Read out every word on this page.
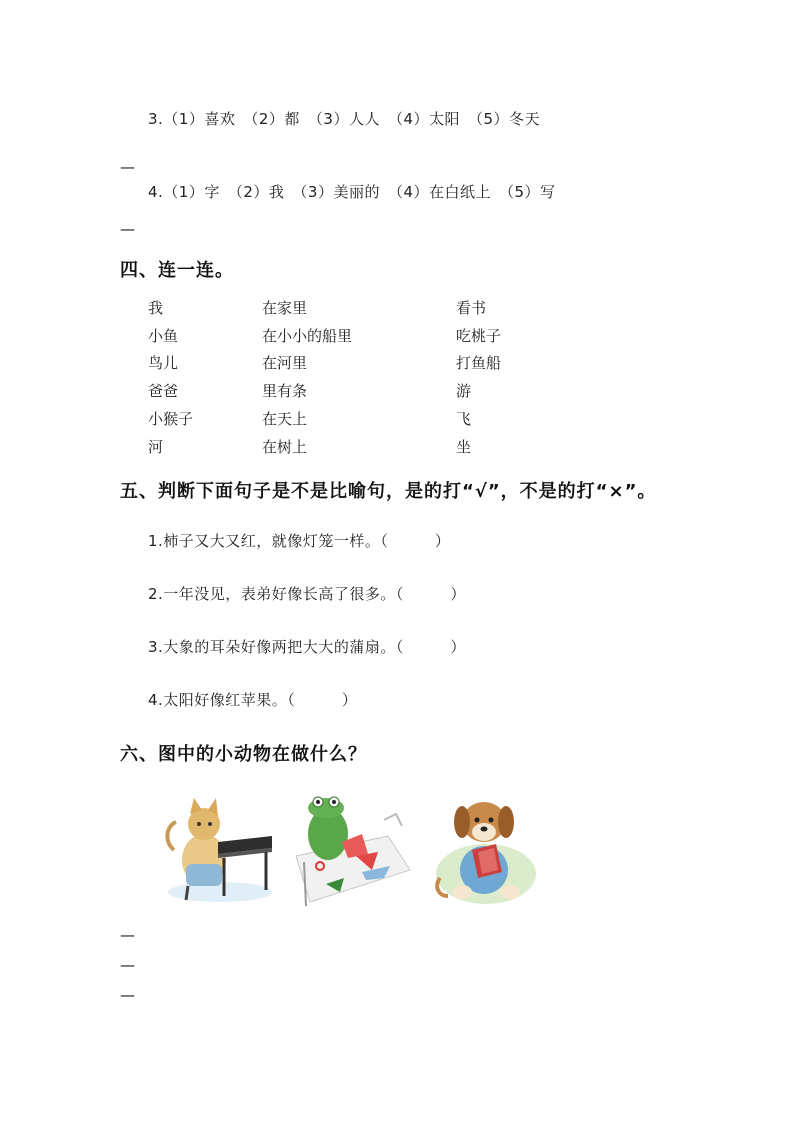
3.（1）喜欢　（2）都　（3）人人　（4）太阳　（5）冬天
—
4.（1）字　（2）我　（3）美丽的　（4）在白纸上　（5）写
—
四、连一连。
我
小鱼
鸟儿
爸爸
小猴子
河
在家里
在小小的船里
在河里
里有条
在天上
在树上
看书
吃桃子
打鱼船
游
飞
坐
五、判断下面句子是不是比喻句，是的打“√”，不是的打“×”。
1.柿子又大又红，就像灯笼一样。（　　　）
2.一年没见，表弟好像长高了很多。（　　　）
3.大象的耳朵好像两把大大的蒲扇。（　　　）
4.太阳好像红苹果。（　　　）
六、图中的小动物在做什么？
—
—
—
